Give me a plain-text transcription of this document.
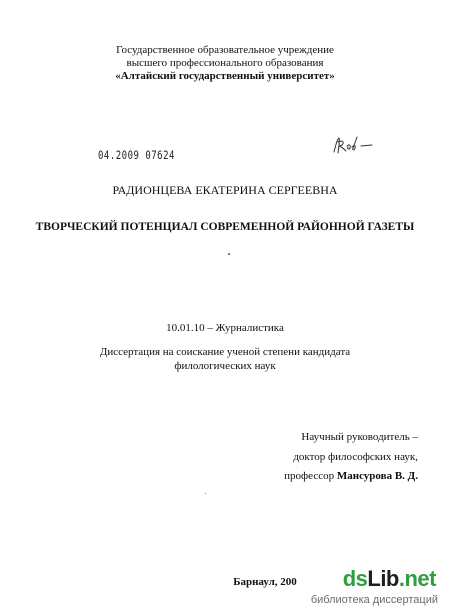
Государственное образовательное учреждение
высшего профессионального образования
«Алтайский государственный университет»
04.2009 07624
РАДИОНЦЕВА ЕКАТЕРИНА СЕРГЕЕВНА
ТВОРЧЕСКИЙ ПОТЕНЦИАЛ СОВРЕМЕННОЙ РАЙОННОЙ ГАЗЕТЫ
10.01.10 – Журналистика
Диссертация на соискание ученой степени кандидата
филологических наук
Научный руководитель –
доктор философских наук,
профессор Мансурова В. Д.
Барнаул, 200	dsLib.net
библиотека диссертаций
